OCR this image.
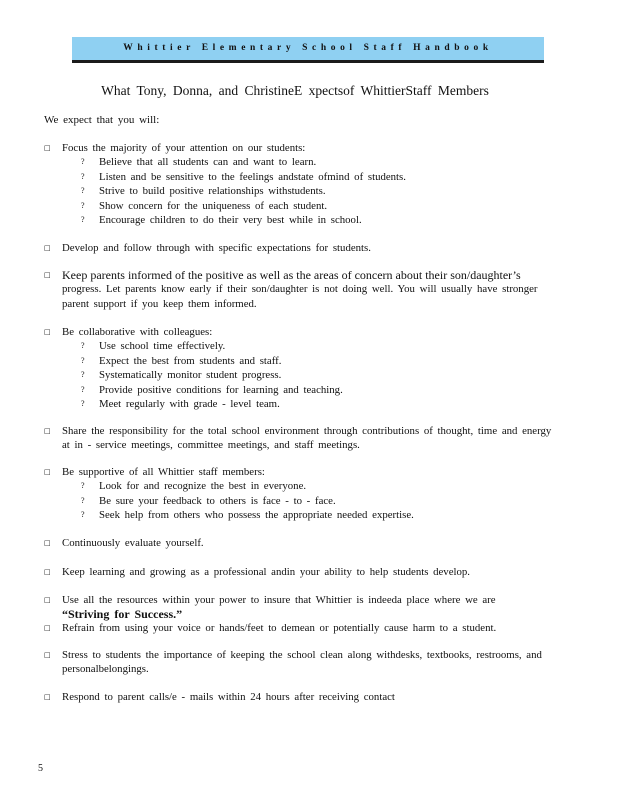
Whittier Elementary School Staff Handbook
What Tony, Donna, and ChristineE xpectsof WhittierStaff Members
We expect that you will:
□ Focus the majority of your attention on our students:
? Believe that all students can and want to learn.
? Listen and be sensitive to the feelings andstate ofmind of students.
? Strive to build positive relationships withstudents.
? Show concern for the uniqueness of each student.
? Encourage children to do their very best while in school.
□ Develop and follow through with specific expectations for students.
□ Keep parents informed of the positive as well as the areas of concern about their son/daughter’s
progress. Let parents know early if their son/daughter is not doing well. You will usually have stronger parent support if you keep them informed.
□ Be collaborative with colleagues:
? Use school time effectively.
? Expect the best from students and staff.
? Systematically monitor student progress.
? Provide positive conditions for learning and teaching.
? Meet regularly with grade - level team.
□ Share the responsibility for the total school environment through contributions of thought, time and energy at in - service meetings, committee meetings, and staff meetings.
□ Be supportive of all Whittier staff members:
? Look for and recognize the best in everyone.
? Be sure your feedback to others is face - to - face.
? Seek help from others who possess the appropriate needed expertise.
□ Continuously evaluate yourself.
□ Keep learning and growing as a professional andin your ability to help students develop.
□ Use all the resources within your power to insure that Whittier is indeeda place where we are
“Striving for Success.”
□ Refrain from using your voice or hands/feet to demean or potentially cause harm to a student.
□ Stress to students the importance of keeping the school clean along withdesks, textbooks, restrooms, and personalbelongings.
□ Respond to parent calls/e - mails within 24 hours after receiving contact
5
